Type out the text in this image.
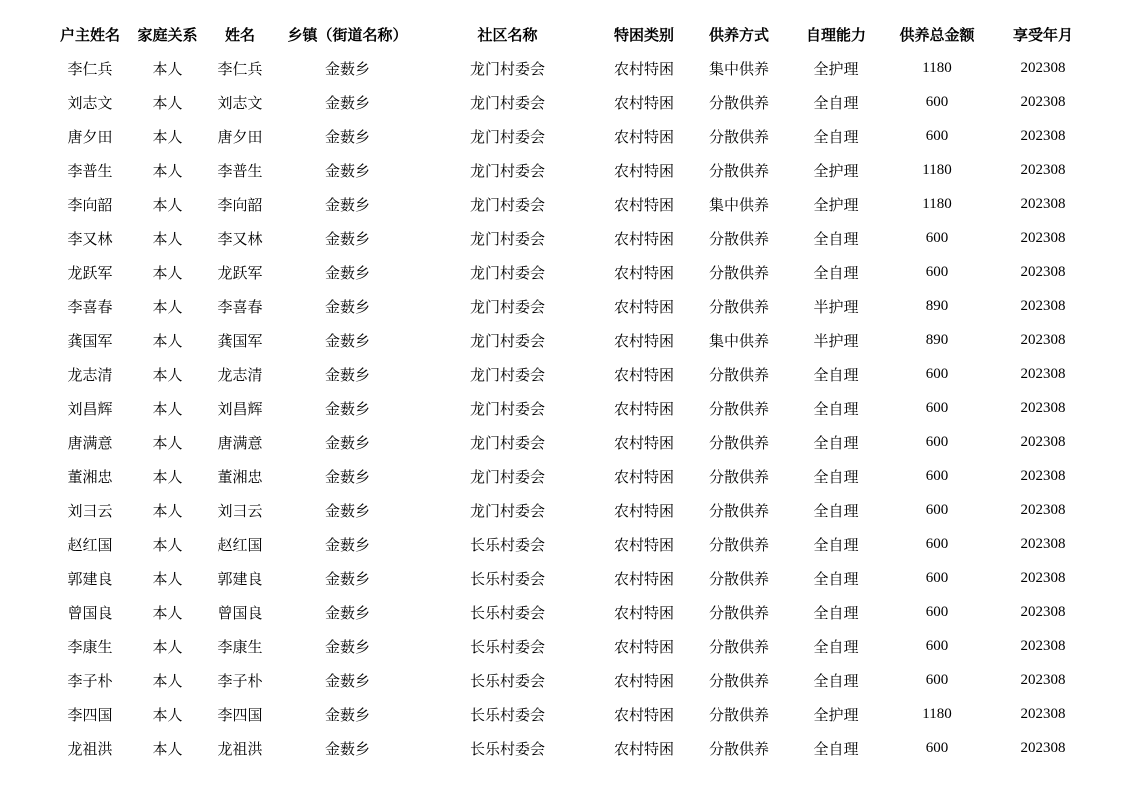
户主姓名	家庭关系	姓名	乡镇（街道名称）	社区名称	特困类别	供养方式	自理能力	供养总金额	享受年月
李仁兵	本人	李仁兵	金薮乡	龙门村委会	农村特困	集中供养	全护理	1180	202308
刘志文	本人	刘志文	金薮乡	龙门村委会	农村特困	分散供养	全自理	600	202308
唐夕田	本人	唐夕田	金薮乡	龙门村委会	农村特困	分散供养	全自理	600	202308
李普生	本人	李普生	金薮乡	龙门村委会	农村特困	分散供养	全护理	1180	202308
李向韶	本人	李向韶	金薮乡	龙门村委会	农村特困	集中供养	全护理	1180	202308
李又林	本人	李又林	金薮乡	龙门村委会	农村特困	分散供养	全自理	600	202308
龙跃军	本人	龙跃军	金薮乡	龙门村委会	农村特困	分散供养	全自理	600	202308
李喜春	本人	李喜春	金薮乡	龙门村委会	农村特困	分散供养	半护理	890	202308
龚国军	本人	龚国军	金薮乡	龙门村委会	农村特困	集中供养	半护理	890	202308
龙志清	本人	龙志清	金薮乡	龙门村委会	农村特困	分散供养	全自理	600	202308
刘昌辉	本人	刘昌辉	金薮乡	龙门村委会	农村特困	分散供养	全自理	600	202308
唐满意	本人	唐满意	金薮乡	龙门村委会	农村特困	分散供养	全自理	600	202308
董湘忠	本人	董湘忠	金薮乡	龙门村委会	农村特困	分散供养	全自理	600	202308
刘彐云	本人	刘彐云	金薮乡	龙门村委会	农村特困	分散供养	全自理	600	202308
赵红国	本人	赵红国	金薮乡	长乐村委会	农村特困	分散供养	全自理	600	202308
郭建良	本人	郭建良	金薮乡	长乐村委会	农村特困	分散供养	全自理	600	202308
曾国良	本人	曾国良	金薮乡	长乐村委会	农村特困	分散供养	全自理	600	202308
李康生	本人	李康生	金薮乡	长乐村委会	农村特困	分散供养	全自理	600	202308
李子朴	本人	李子朴	金薮乡	长乐村委会	农村特困	分散供养	全自理	600	202308
李四国	本人	李四国	金薮乡	长乐村委会	农村特困	分散供养	全护理	1180	202308
龙祖洪	本人	龙祖洪	金薮乡	长乐村委会	农村特困	分散供养	全自理	600	202308
